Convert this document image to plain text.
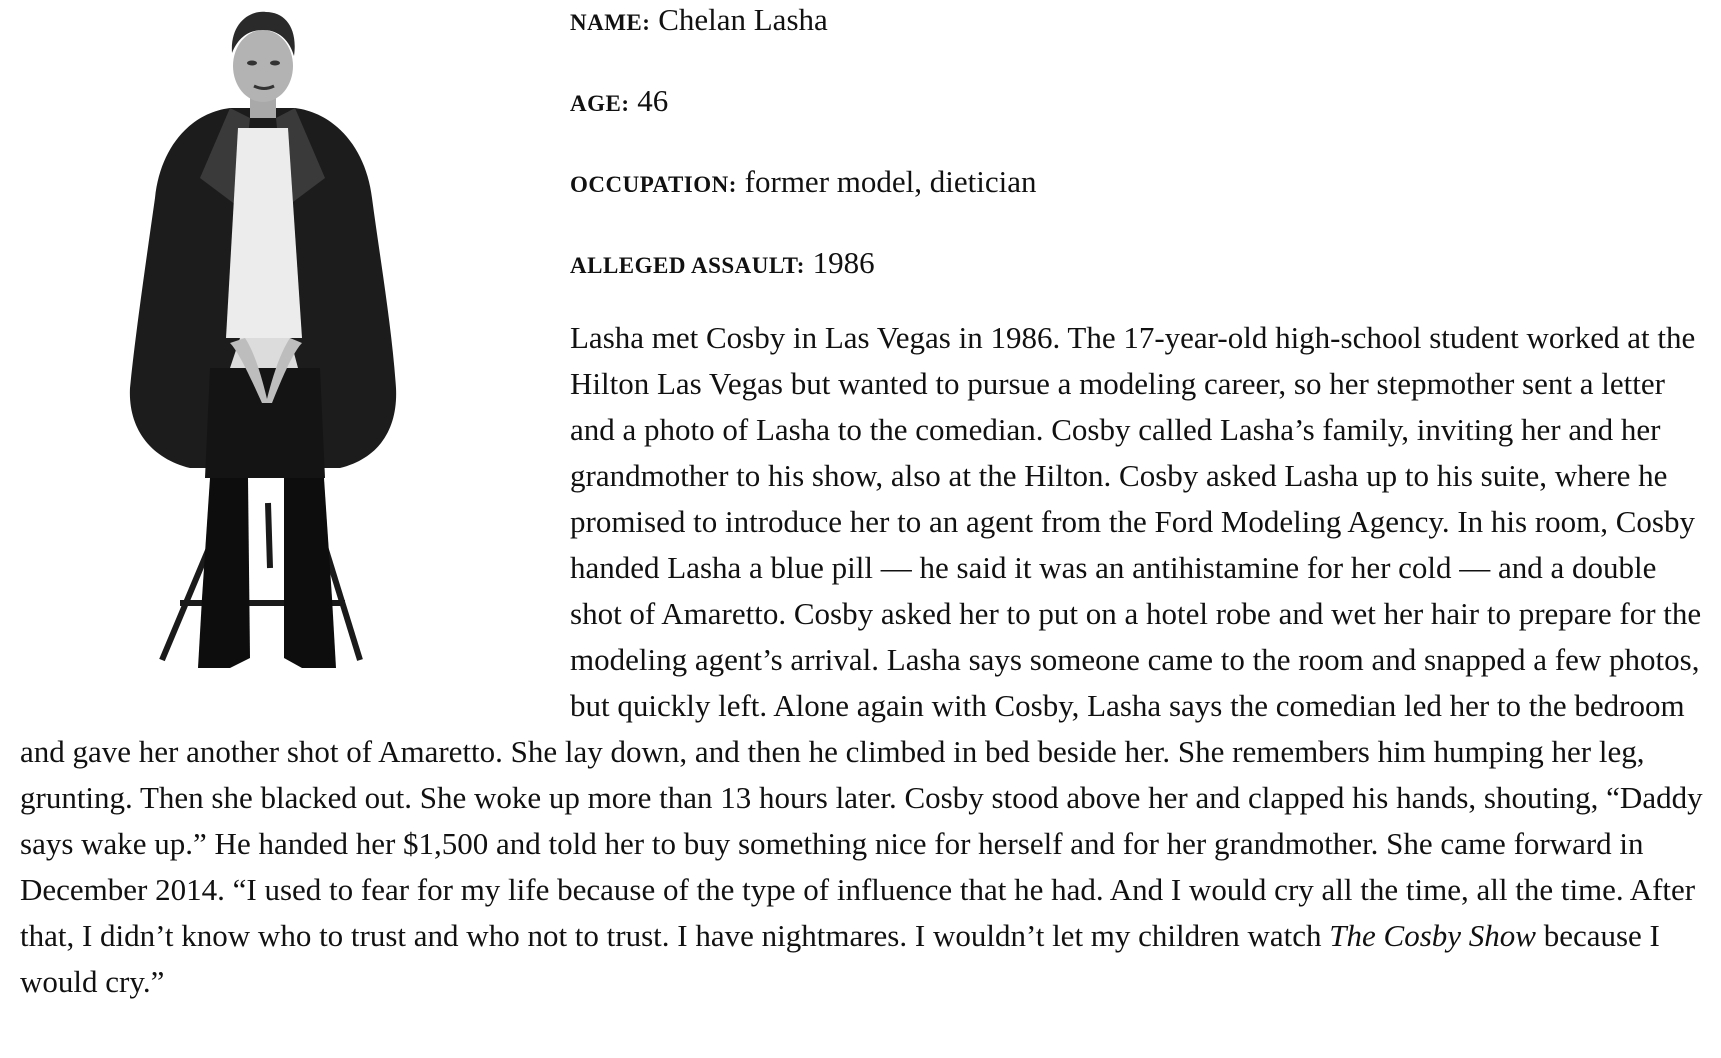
NAME: Chelan Lasha
AGE: 46
OCCUPATION: former model, dietician
ALLEGED ASSAULT: 1986

Lasha met Cosby in Las Vegas in 1986. The 17-year-old high-school student worked at the Hilton Las Vegas but wanted to pursue a modeling career, so her stepmother sent a letter and a photo of Lasha to the comedian. Cosby called Lasha’s family, inviting her and her grandmother to his show, also at the Hilton. Cosby asked Lasha up to his suite, where he promised to introduce her to an agent from the Ford Modeling Agency. In his room, Cosby handed Lasha a blue pill — he said it was an antihistamine for her cold — and a double shot of Amaretto. Cosby asked her to put on a hotel robe and wet her hair to prepare for the modeling agent’s arrival. Lasha says someone came to the room and snapped a few photos, but quickly left. Alone again with Cosby, Lasha says the comedian led her to the bedroom and gave her another shot of Amaretto. She lay down, and then he climbed in bed beside her. She remembers him humping her leg, grunting. Then she blacked out. She woke up more than 13 hours later. Cosby stood above her and clapped his hands, shouting, “Daddy says wake up.” He handed her $1,500 and told her to buy something nice for herself and for her grandmother. She came forward in December 2014. “I used to fear for my life because of the type of influence that he had. And I would cry all the time, all the time. After that, I didn’t know who to trust and who not to trust. I have nightmares. I wouldn’t let my children watch The Cosby Show because I would cry.”
